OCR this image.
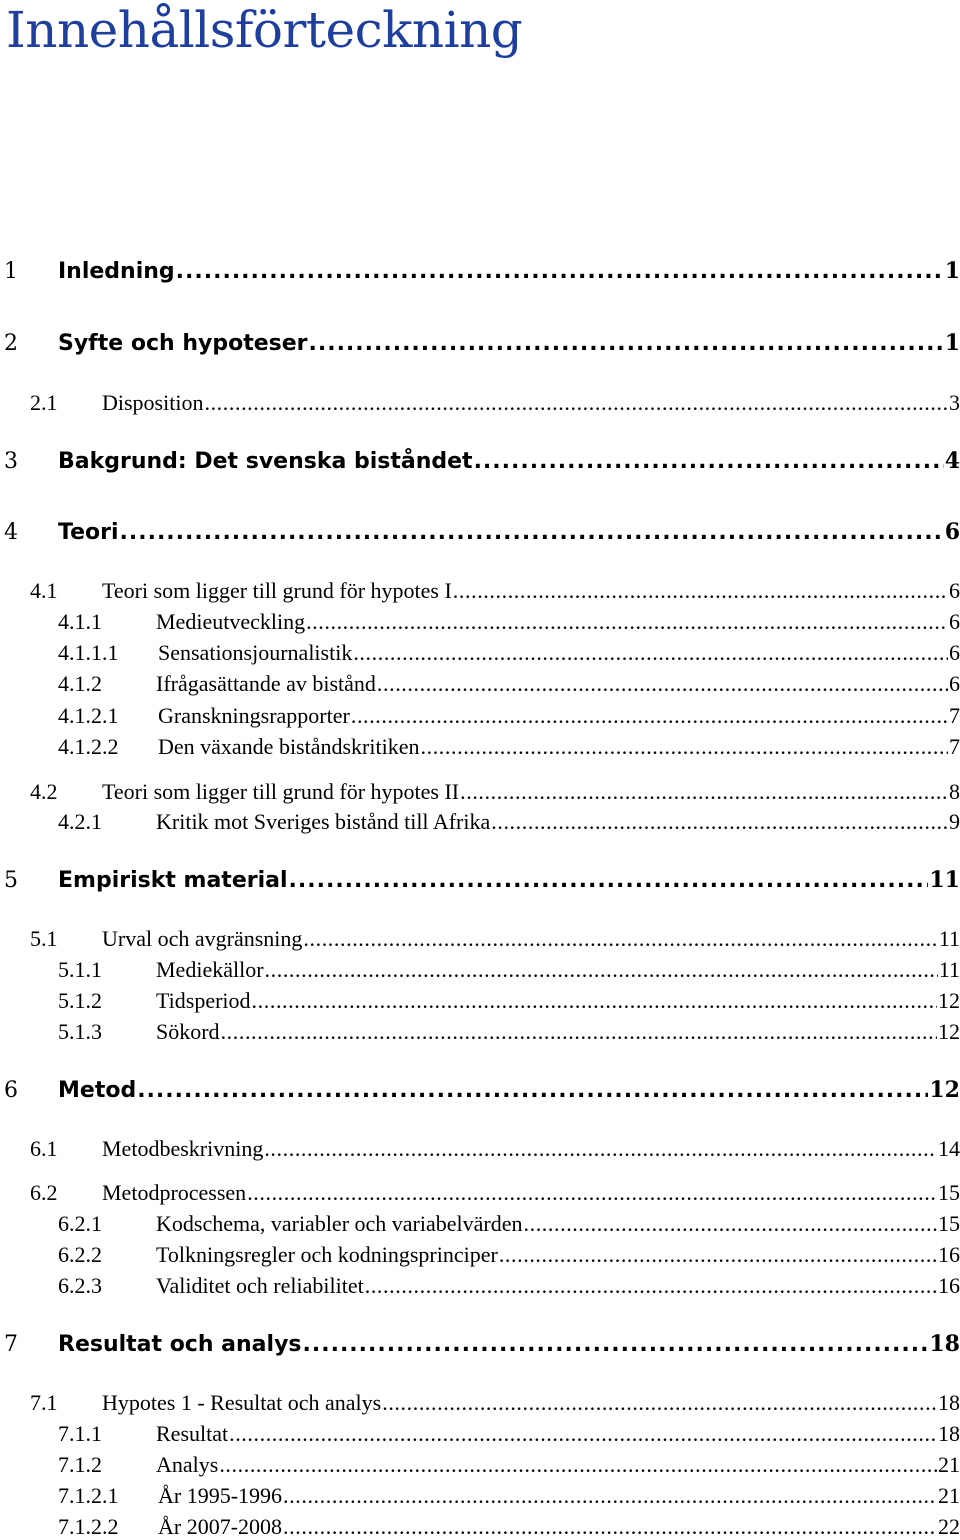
Innehållsförteckning
1	Inledning .....	1
2	Syfte och hypoteser .....	1
2.1	Disposition .....	3
3	Bakgrund: Det svenska biståndet .....	4
4	Teori .....	6
4.1	Teori som ligger till grund för hypotes I .....	6
4.1.1	Medieutveckling .....	6
4.1.1.1	Sensationsjournalistik .....	6
4.1.2	Ifrågasättande av bistånd .....	6
4.1.2.1	Granskningsrapporter .....	7
4.1.2.2	Den växande biståndskritiken .....	7
4.2	Teori som ligger till grund för hypotes II .....	8
4.2.1	Kritik mot Sveriges bistånd till Afrika .....	9
5	Empiriskt material .....	11
5.1	Urval och avgränsning .....	11
5.1.1	Mediekällor .....	11
5.1.2	Tidsperiod .....	12
5.1.3	Sökord .....	12
6	Metod .....	12
6.1	Metodbeskrivning .....	14
6.2	Metodprocessen .....	15
6.2.1	Kodschema, variabler och variabelvärden .....	15
6.2.2	Tolkningsregler och kodningsprinciper .....	16
6.2.3	Validitet och reliabilitet .....	16
7	Resultat och analys .....	18
7.1	Hypotes 1 - Resultat och analys .....	18
7.1.1	Resultat .....	18
7.1.2	Analys .....	21
7.1.2.1	År 1995-1996 .....	21
7.1.2.2	År 2007-2008 .....	22
